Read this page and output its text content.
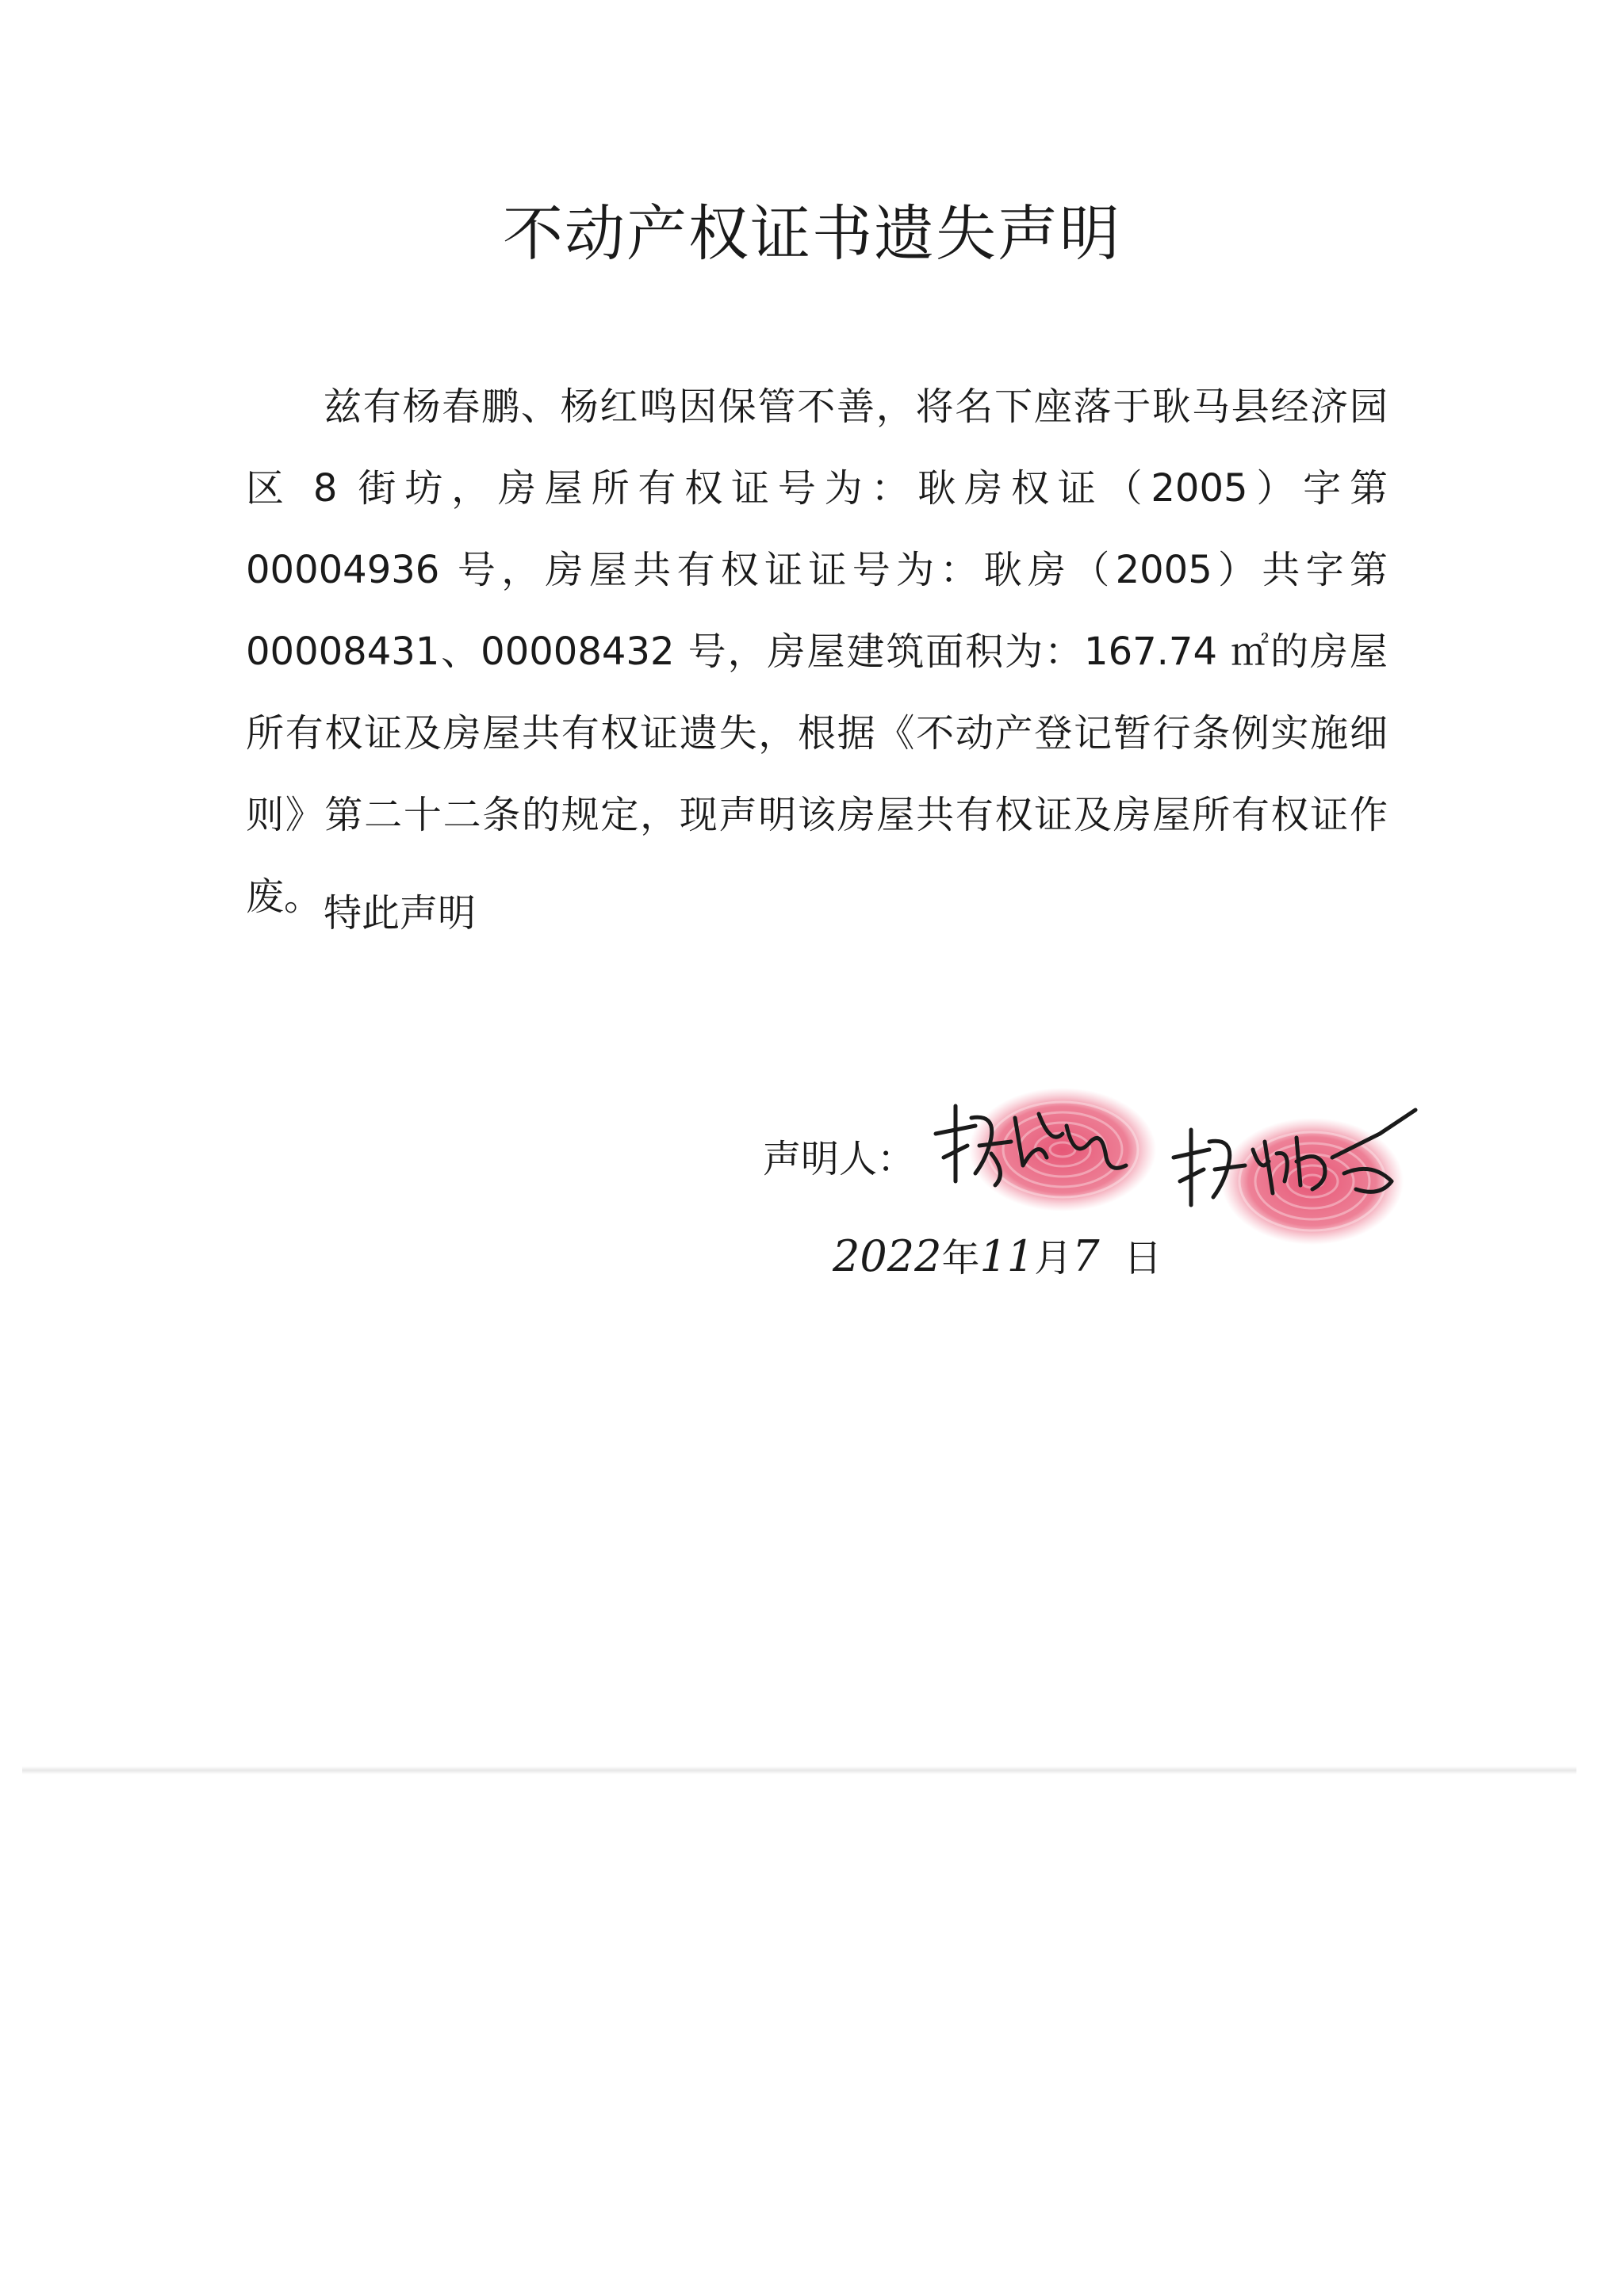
不动产权证书遗失声明

兹有杨春鹏、杨红鸣因保管不善，将名下座落于耿马县经济园区 8 街坊，房屋所有权证号为：耿房权证（2005）字第 00004936 号，房屋共有权证证号为：耿房（2005）共字第 00008431、00008432 号，房屋建筑面积为：167.74 ㎡的房屋所有权证及房屋共有权证遗失，根据《不动产登记暂行条例实施细则》第二十二条的规定，现声明该房屋共有权证及房屋所有权证作废。 特此声明

声明人：
2022年11月7 日
